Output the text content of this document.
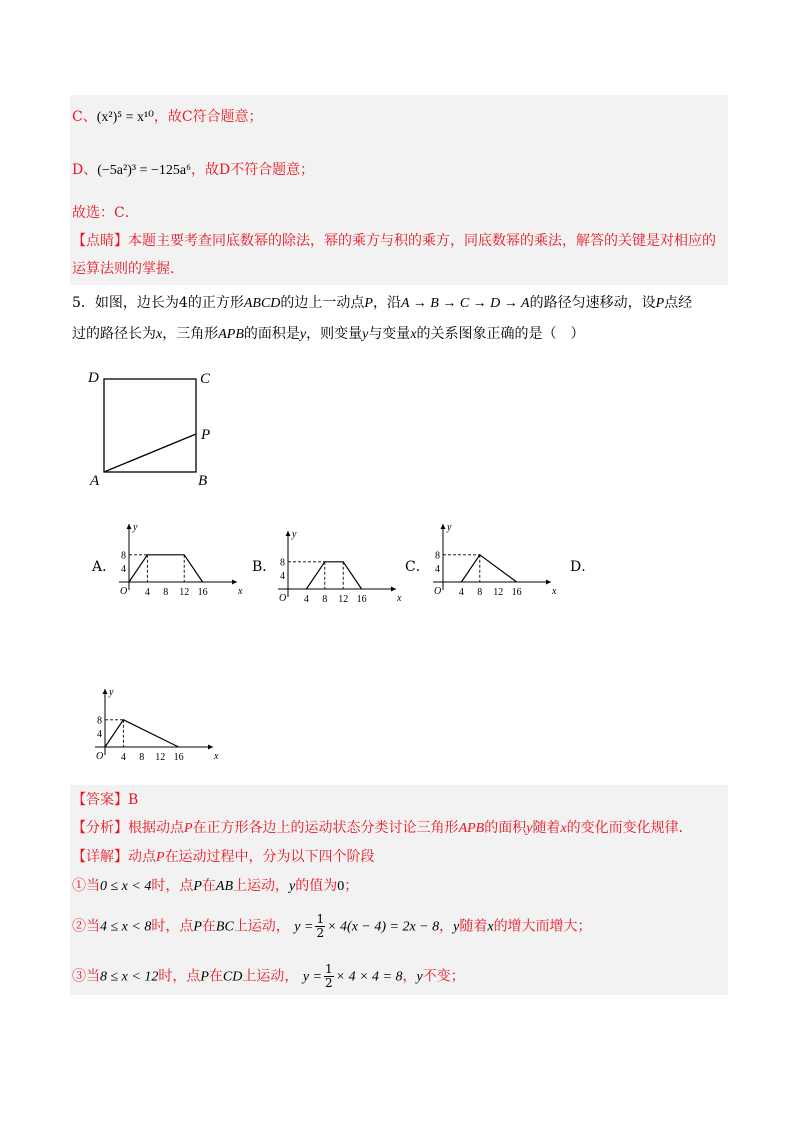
C、(x²)⁵ = x¹⁰，故C符合题意；
D、(−5a²)³ = −125a⁶，故D不符合题意；
故选：C．
【点睛】本题主要考查同底数幂的除法，幂的乘方与积的乘方，同底数幂的乘法，解答的关键是对相应的
运算法则的掌握．
5．如图，边长为4的正方形ABCD的边上一动点P，沿A → B → C → D → A的路径匀速移动，设P点经
过的路径长为x，三角形APB的面积是y，则变量y与变量x的关系图象正确的是（　）
D	C
P
A	B
A．	B．	C．	D．
y
x
O 4 8 12 16
4
8
y
x
O 4 8 12 16
4
8
y
x
O 4 8 12 16
4
8
y
x
O 4 8 12 16
4
8
【答案】B
【分析】根据动点P在正方形各边上的运动状态分类讨论三角形APB的面积y随着x的变化而变化规律．
【详解】动点P在运动过程中，分为以下四个阶段
①当0 ≤ x < 4时，点P在AB上运动，y的值为0；
②当4 ≤ x < 8时，点P在BC上运动， $y = \frac{1}{2} \times 4(x - 4) = 2x - 8$，y随着x的增大而增大；
③当8 ≤ x < 12时，点P在CD上运动， $y = \frac{1}{2} \times 4 \times 4 = 8$，y不变；
